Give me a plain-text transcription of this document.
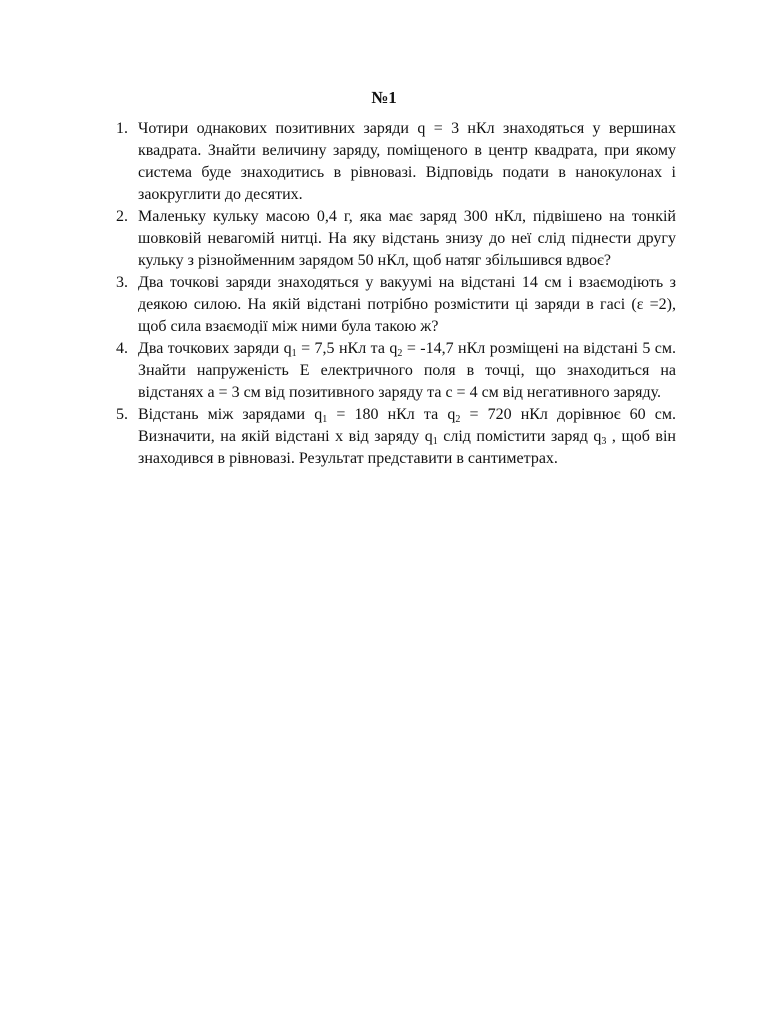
№1
1. Чотири однакових позитивних заряди q = 3 нКл знаходяться у вершинах квадрата. Знайти величину заряду, поміщеного в центр квадрата, при якому система буде знаходитись в рівновазі. Відповідь подати в нанокулонах і заокруглити до десятих.
2. Маленьку кульку масою 0,4 г, яка має заряд 300 нКл, підвішено на тонкій шовковій невагомій нитці. На яку відстань знизу до неї слід піднести другу кульку з різнойменним зарядом 50 нКл, щоб натяг збільшився вдвоє?
3. Два точкові заряди знаходяться у вакуумі на відстані 14 см і взаємодіють з деякою силою. На якій відстані потрібно розмістити ці заряди в гасі (ε =2), щоб сила взаємодії між ними була такою ж?
4. Два точкових заряди $q_1 = 7,5$ нКл та $q_2 = -14,7$ нКл розміщені на відстані 5 см. Знайти напруженість E електричного поля в точці, що знаходиться на відстанях a = 3 см від позитивного заряду та c = 4 см від негативного заряду.
5. Відстань між зарядами $q_1 = 180$ нКл та $q_2 = 720$ нКл дорівнює 60 см. Визначити, на якій відстані x від заряду $q_1$ слід помістити заряд $q_3$ , щоб він знаходився в рівновазі. Результат представити в сантиметрах.
